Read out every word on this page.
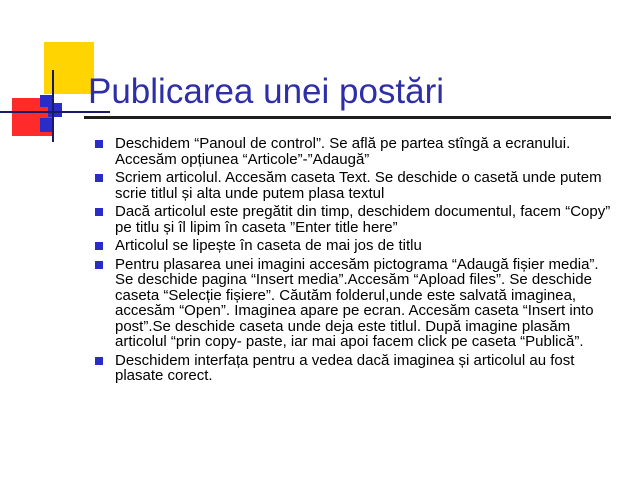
Publicarea unei postări
Deschidem “Panoul de control”. Se află pe partea stîngă a ecranului. Accesăm opțiunea “Articole”-”Adaugă”
Scriem articolul. Accesăm caseta Text. Se deschide o casetă unde putem scrie titlul și alta unde putem plasa textul
Dacă articolul este pregătit din timp, deschidem documentul, facem “Copy” pe titlu și îl lipim în caseta ”Enter title here”
Articolul se lipește în caseta de mai jos de titlu
Pentru plasarea unei imagini accesăm pictograma “Adaugă fișier media”. Se deschide pagina “Insert media”.Accesăm “Apload files”. Se deschide caseta “Selecție fișiere”. Căutăm folderul,unde este salvată imaginea, accesăm “Open”. Imaginea apare pe ecran. Accesăm caseta “Insert into post”.Se deschide caseta unde deja este titlul. După imagine plasăm articolul “prin copy- paste, iar mai apoi facem click pe caseta “Publică”.
Deschidem interfața pentru a vedea dacă imaginea și articolul au fost plasate corect.
